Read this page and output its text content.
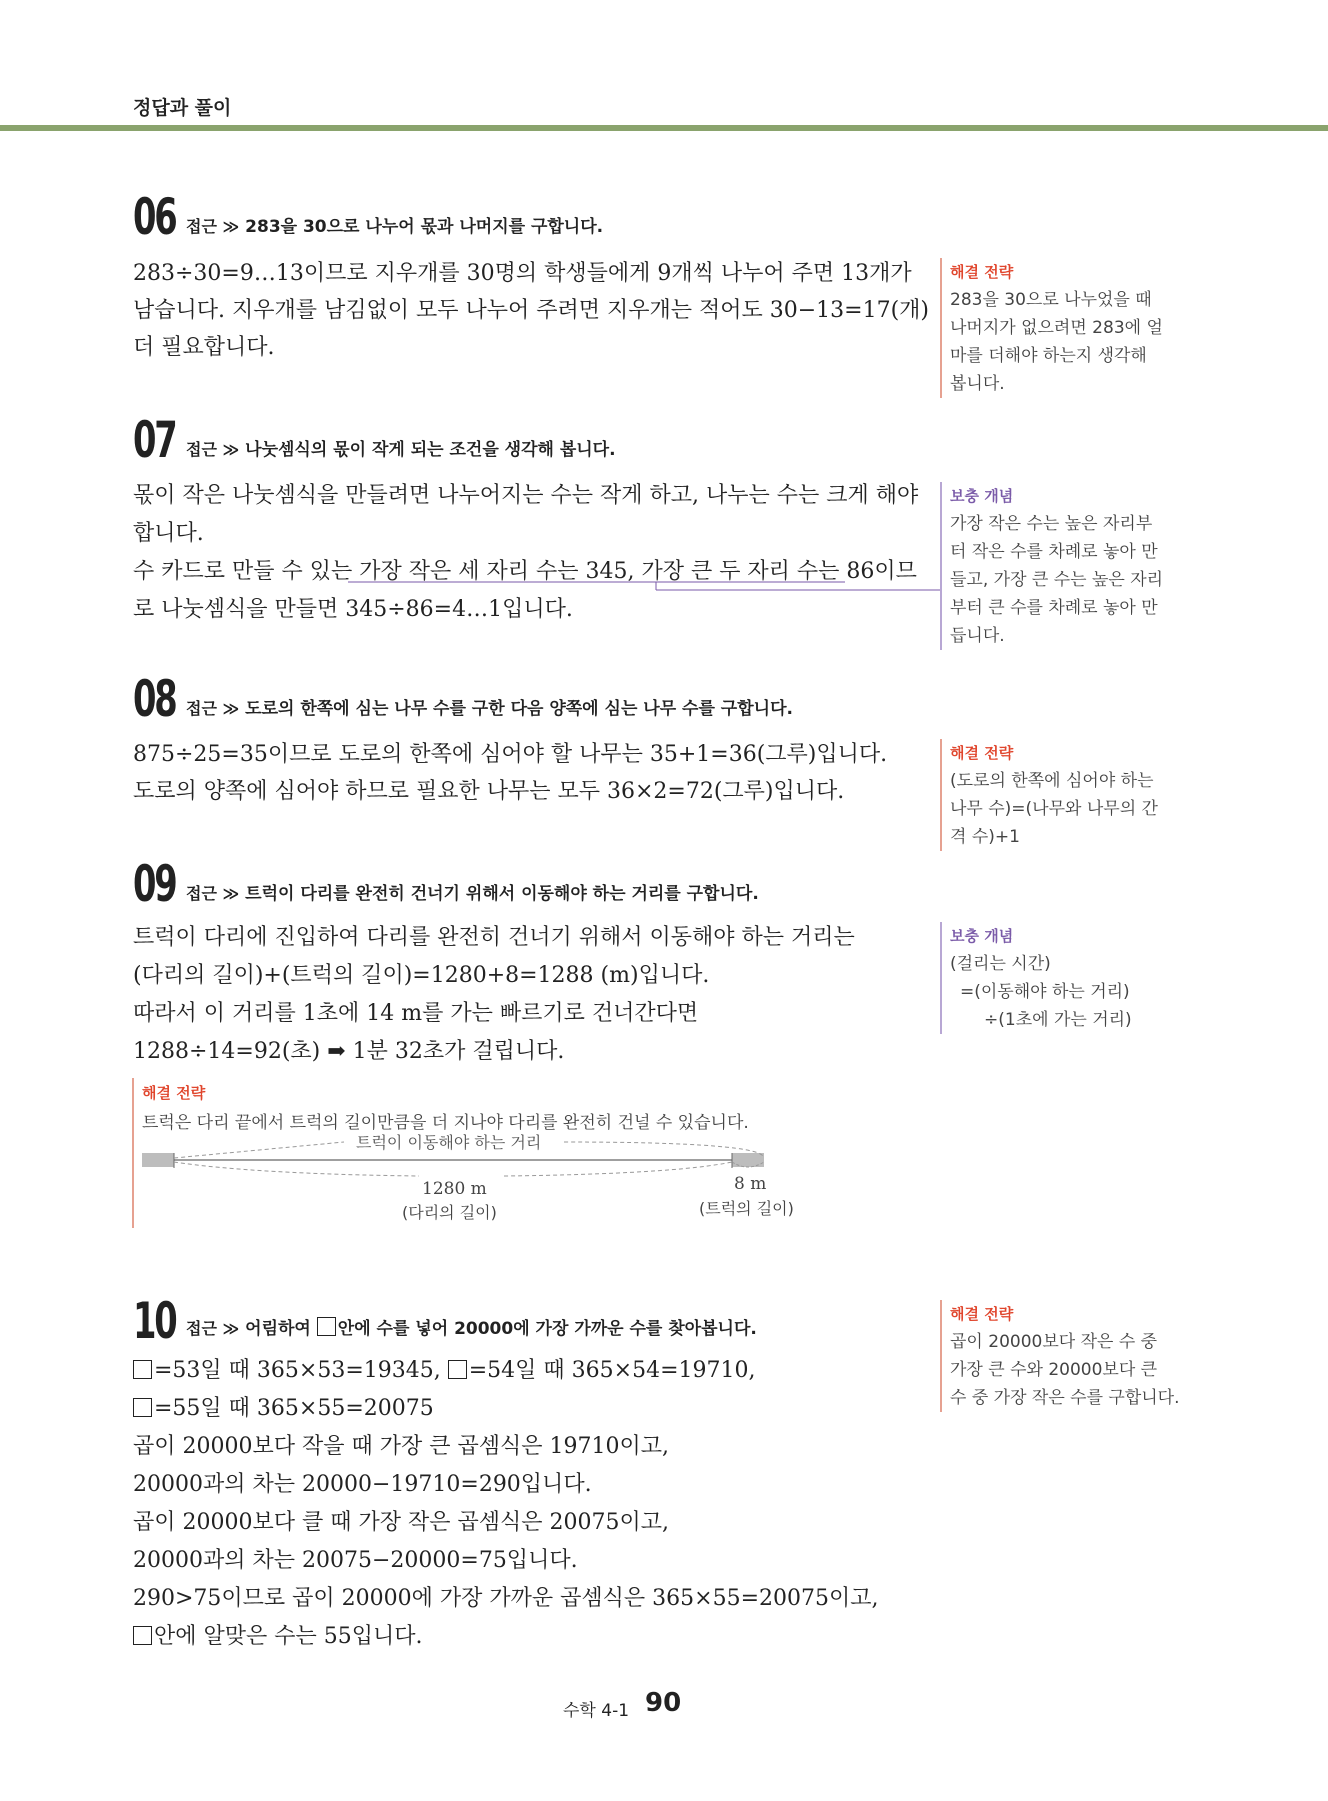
정답과 풀이
06 접근 ≫ 283을 30으로 나누어 몫과 나머지를 구합니다.
283÷30=9…13이므로 지우개를 30명의 학생들에게 9개씩 나누어 주면 13개가
남습니다. 지우개를 남김없이 모두 나누어 주려면 지우개는 적어도 30−13=17(개)
더 필요합니다.
해결 전략
283을 30으로 나누었을 때
나머지가 없으려면 283에 얼
마를 더해야 하는지 생각해
봅니다.
07 접근 ≫ 나눗셈식의 몫이 작게 되는 조건을 생각해 봅니다.
몫이 작은 나눗셈식을 만들려면 나누어지는 수는 작게 하고, 나누는 수는 크게 해야
합니다.
수 카드로 만들 수 있는 가장 작은 세 자리 수는 345, 가장 큰 두 자리 수는 86이므
로 나눗셈식을 만들면 345÷86=4…1입니다.
보충 개념
가장 작은 수는 높은 자리부
터 작은 수를 차례로 놓아 만
들고, 가장 큰 수는 높은 자리
부터 큰 수를 차례로 놓아 만
듭니다.
08 접근 ≫ 도로의 한쪽에 심는 나무 수를 구한 다음 양쪽에 심는 나무 수를 구합니다.
875÷25=35이므로 도로의 한쪽에 심어야 할 나무는 35+1=36(그루)입니다.
도로의 양쪽에 심어야 하므로 필요한 나무는 모두 36×2=72(그루)입니다.
해결 전략
(도로의 한쪽에 심어야 하는
나무 수)=(나무와 나무의 간
격 수)+1
09 접근 ≫ 트럭이 다리를 완전히 건너기 위해서 이동해야 하는 거리를 구합니다.
트럭이 다리에 진입하여 다리를 완전히 건너기 위해서 이동해야 하는 거리는
(다리의 길이)+(트럭의 길이)=1280+8=1288 (m)입니다.
따라서 이 거리를 1초에 14 m를 가는 빠르기로 건너간다면
1288÷14=92(초) ➡ 1분 32초가 걸립니다.
보충 개념
(걸리는 시간)
=(이동해야 하는 거리)
÷(1초에 가는 거리)
해결 전략
트럭은 다리 끝에서 트럭의 길이만큼을 더 지나야 다리를 완전히 건널 수 있습니다.
트럭이 이동해야 하는 거리
1280 m
(다리의 길이)
8 m
(트럭의 길이)
10 접근 ≫ 어림하여 안에 수를 넣어 20000에 가장 가까운 수를 찾아봅니다.
=53일 때 365×53=19345, =54일 때 365×54=19710,
=55일 때 365×55=20075
곱이 20000보다 작을 때 가장 큰 곱셈식은 19710이고,
20000과의 차는 20000−19710=290입니다.
곱이 20000보다 클 때 가장 작은 곱셈식은 20075이고,
20000과의 차는 20075−20000=75입니다.
290>75이므로 곱이 20000에 가장 가까운 곱셈식은 365×55=20075이고,
안에 알맞은 수는 55입니다.
해결 전략
곱이 20000보다 작은 수 중
가장 큰 수와 20000보다 큰
수 중 가장 작은 수를 구합니다.
수학 4-1 90
